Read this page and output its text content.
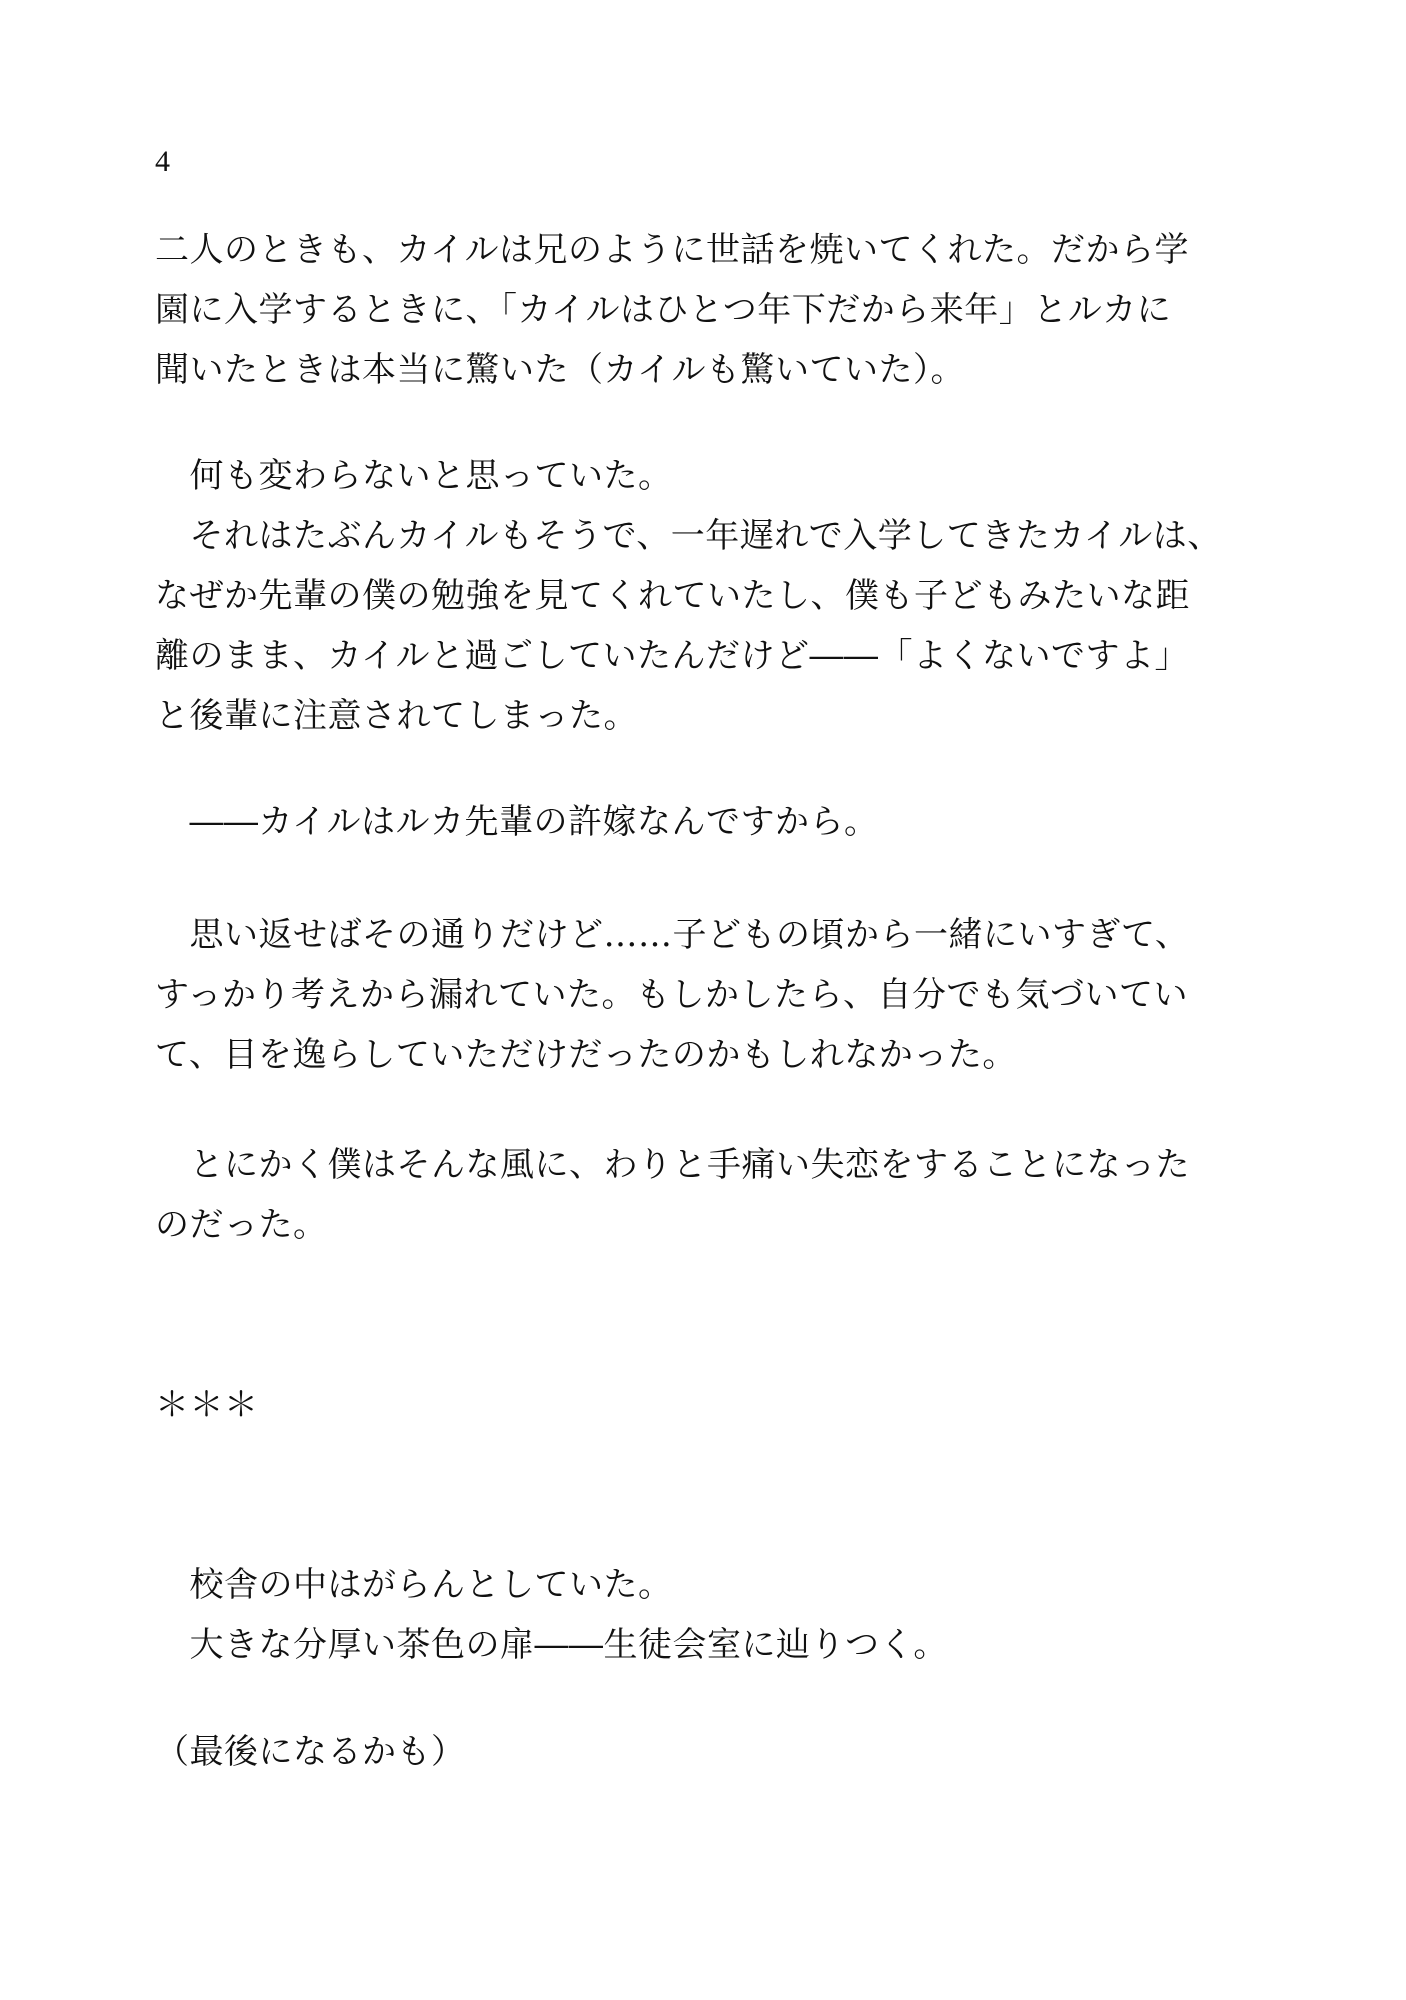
4
二人のときも、カイルは兄のように世話を焼いてくれた。だから学
園に入学するときに、「カイルはひとつ年下だから来年」とルカに
聞いたときは本当に驚いた（カイルも驚いていた）。
　何も変わらないと思っていた。
　それはたぶんカイルもそうで、一年遅れで入学してきたカイルは、
なぜか先輩の僕の勉強を見てくれていたし、僕も子どもみたいな距
離のまま、カイルと過ごしていたんだけど――「よくないですよ」
と後輩に注意されてしまった。
　――カイルはルカ先輩の許嫁なんですから。
　思い返せばその通りだけど……子どもの頃から一緒にいすぎて、
すっかり考えから漏れていた。もしかしたら、自分でも気づいてい
て、目を逸らしていただけだったのかもしれなかった。
　とにかく僕はそんな風に、わりと手痛い失恋をすることになった
のだった。
＊＊＊
　校舎の中はがらんとしていた。
　大きな分厚い茶色の扉――生徒会室に辿りつく。
（最後になるかも）
